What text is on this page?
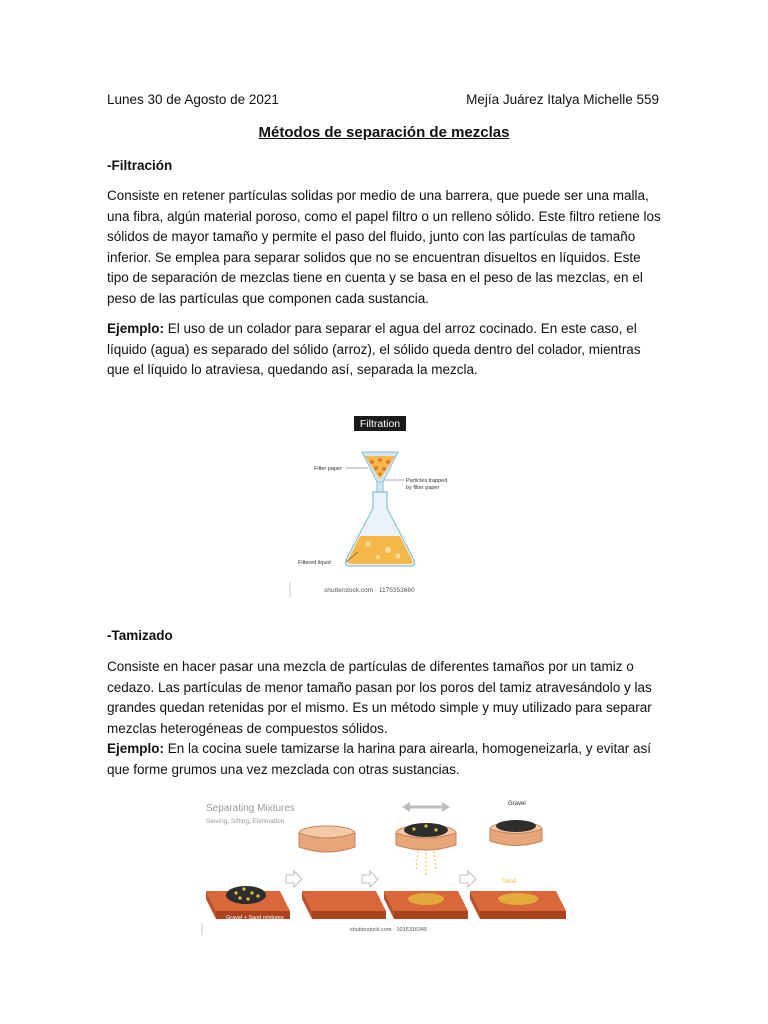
Lunes 30 de Agosto de 2021	Mejía Juárez Italya Michelle 559
Métodos de separación de mezclas
-Filtración
Consiste en retener partículas solidas por medio de una barrera, que puede ser una malla, una fibra, algún material poroso, como el papel filtro o un relleno sólido. Este filtro retiene los sólidos de mayor tamaño y permite el paso del fluido, junto con las partículas de tamaño inferior. Se emplea para separar solidos que no se encuentran disueltos en líquidos. Este tipo de separación de mezclas tiene en cuenta y se basa en el peso de las mezclas, en el peso de las partículas que componen cada sustancia.
Ejemplo: El uso de un colador para separar el agua del arroz cocinado. En este caso, el líquido (agua) es separado del sólido (arroz), el sólido queda dentro del colador, mientras que el líquido lo atraviesa, quedando así, separada la mezcla.
Filtration
Filter paper
Particles trapped
by filter paper
Filtered liquid
shutterstock.com · 1175353660
-Tamizado
Consiste en hacer pasar una mezcla de partículas de diferentes tamaños por un tamiz o cedazo. Las partículas de menor tamaño pasan por los poros del tamiz atravesándolo y las grandes quedan retenidas por el mismo. Es un método simple y muy utilizado para separar mezclas heterogéneas de compuestos sólidos.
Ejemplo: En la cocina suele tamizarse la harina para airearla, homogeneizarla, y evitar así que forme grumos una vez mezclada con otras sustancias.
Separating Mixtures
Sieving, Sifting, Elimination
Gravel
Sand
Gravel + Sand mixtures
shutterstock.com · 1015316345
